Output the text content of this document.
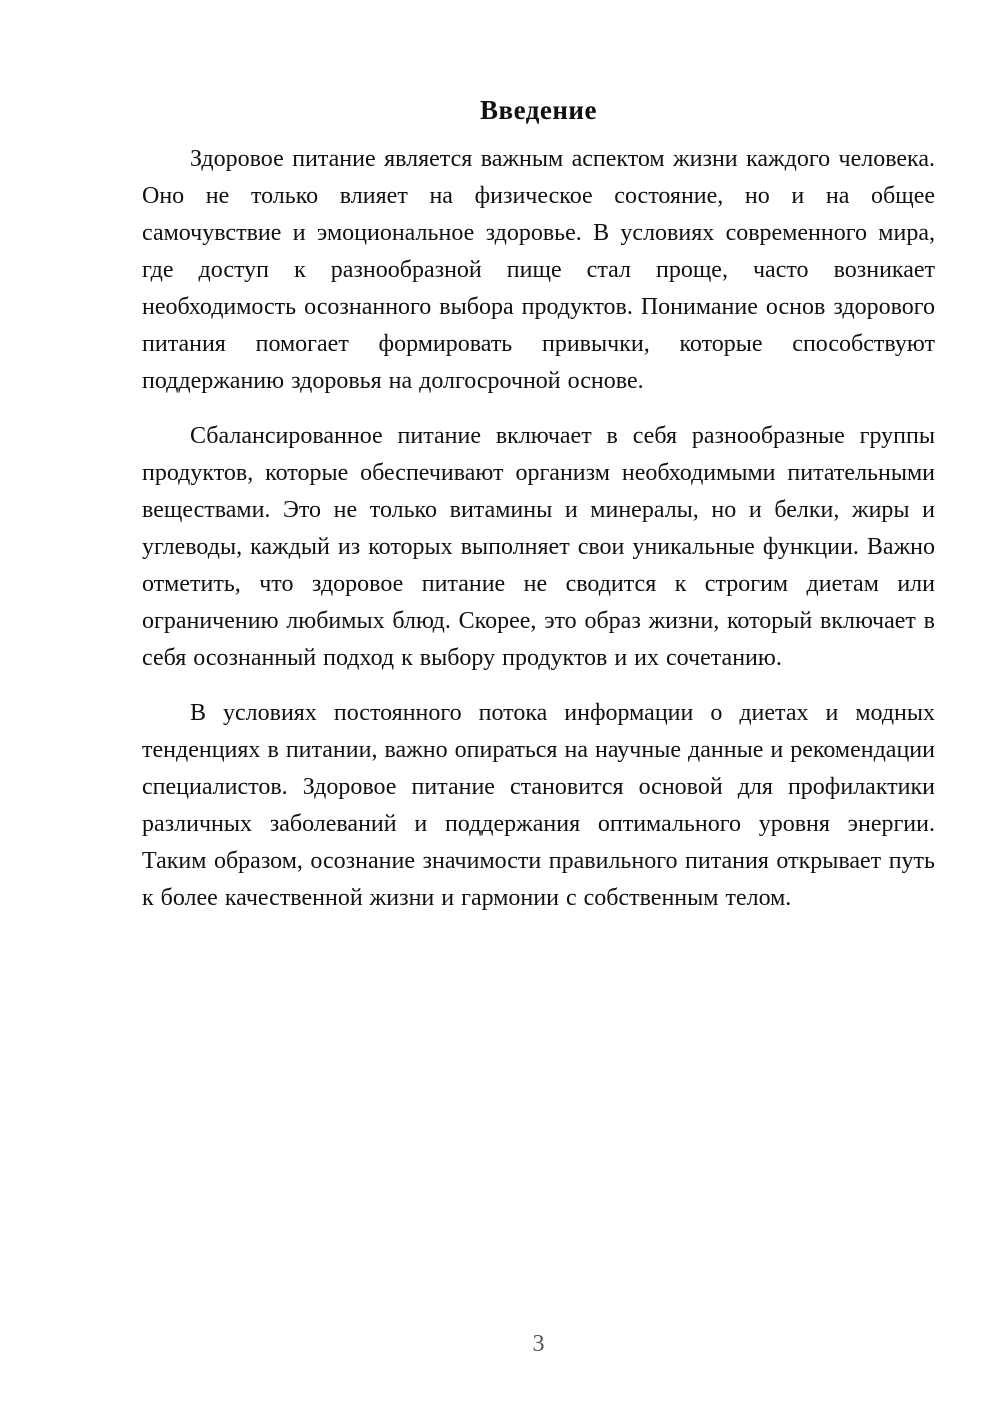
Введение

Здоровое питание является важным аспектом жизни каждого человека. Оно не только влияет на физическое состояние, но и на общее самочувствие и эмоциональное здоровье. В условиях современного мира, где доступ к разнообразной пище стал проще, часто возникает необходимость осознанного выбора продуктов. Понимание основ здорового питания помогает формировать привычки, которые способствуют поддержанию здоровья на долгосрочной основе.

Сбалансированное питание включает в себя разнообразные группы продуктов, которые обеспечивают организм необходимыми питательными веществами. Это не только витамины и минералы, но и белки, жиры и углеводы, каждый из которых выполняет свои уникальные функции. Важно отметить, что здоровое питание не сводится к строгим диетам или ограничению любимых блюд. Скорее, это образ жизни, который включает в себя осознанный подход к выбору продуктов и их сочетанию.

В условиях постоянного потока информации о диетах и модных тенденциях в питании, важно опираться на научные данные и рекомендации специалистов. Здоровое питание становится основой для профилактики различных заболеваний и поддержания оптимального уровня энергии. Таким образом, осознание значимости правильного питания открывает путь к более качественной жизни и гармонии с собственным телом.

3
